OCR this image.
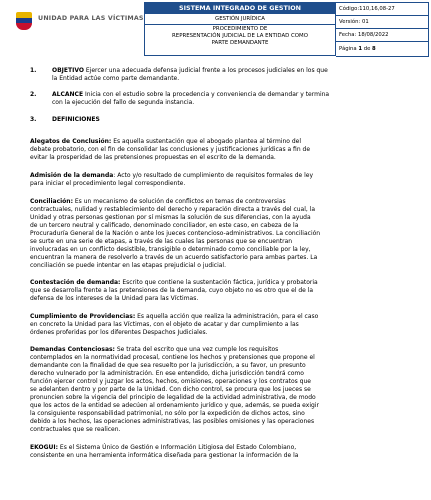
UNIDAD PARA LAS VÍCTIMAS
SISTEMA INTEGRADO DE GESTION
GESTIÓN JURÍDICA
PROCEDIMIENTO DE
REPRESENTACIÓN JUDICIAL DE LA ENTIDAD COMO
PARTE DEMANDANTE
Código:110,16,08-27
Versión: 01
Fecha: 18/08/2022
Página 1 de 8
1.	OBJETIVO Ejercer una adecuada defensa judicial frente a los procesos judiciales en los que
la Entidad actúe como parte demandante.
2.	ALCANCE Inicia con el estudio sobre la procedencia y conveniencia de demandar y termina
con la ejecución del fallo de segunda instancia.
3.	DEFINICIONES
Alegatos de Conclusión: Es aquella sustentación que el abogado plantea al término del
debate probatorio, con el fin de consolidar las conclusiones y justificaciones jurídicas a fin de
evitar la prosperidad de las pretensiones propuestas en el escrito de la demanda.
Admisión de la demanda: Acto y/o resultado de cumplimiento de requisitos formales de ley
para iniciar el procedimiento legal correspondiente.
Conciliación: Es un mecanismo de solución de conflictos en temas de controversias
contractuales, nulidad y restablecimiento del derecho y reparación directa a través del cual, la
Unidad y otras personas gestionan por sí mismas la solución de sus diferencias, con la ayuda
de un tercero neutral y calificado, denominado conciliador, en este caso, en cabeza de la
Procuraduría General de la Nación o ante los jueces contencioso-administrativos. La conciliación
se surte en una serie de etapas, a través de las cuales las personas que se encuentran
involucradas en un conflicto desistible, transigible o determinado como conciliable por la ley,
encuentran la manera de resolverlo a través de un acuerdo satisfactorio para ambas partes. La
conciliación se puede intentar en las etapas prejudicial o judicial.
Contestación de demanda: Escrito que contiene la sustentación fáctica, jurídica y probatoria
que se desarrolla frente a las pretensiones de la demanda, cuyo objeto no es otro que el de la
defensa de los intereses de la Unidad para las Víctimas.
Cumplimiento de Providencias: Es aquella acción que realiza la administración, para el caso
en concreto la Unidad para las Víctimas, con el objeto de acatar y dar cumplimiento a las
órdenes proferidas por los diferentes Despachos Judiciales.
Demandas Contenciosas: Se trata del escrito que una vez cumple los requisitos
contemplados en la normatividad procesal, contiene los hechos y pretensiones que propone el
demandante con la finalidad de que sea resuelto por la jurisdicción, a su favor, un presunto
derecho vulnerado por la administración. En ese entendido, dicha jurisdicción tendrá como
función ejercer control y juzgar los actos, hechos, omisiones, operaciones y los contratos que
se adelanten dentro y por parte de la Unidad. Con dicho control, se procura que los jueces se
pronuncien sobre la vigencia del principio de legalidad de la actividad administrativa, de modo
que los actos de la entidad se adecúen al ordenamiento jurídico y que, además, se pueda exigir
la consiguiente responsabilidad patrimonial, no sólo por la expedición de dichos actos, sino
debido a los hechos, las operaciones administrativas, las posibles omisiones y las operaciones
contractuales que se realicen.
EKOGUI: Es el Sistema Único de Gestión e Información Litigiosa del Estado Colombiano,
consistente en una herramienta informática diseñada para gestionar la información de la
